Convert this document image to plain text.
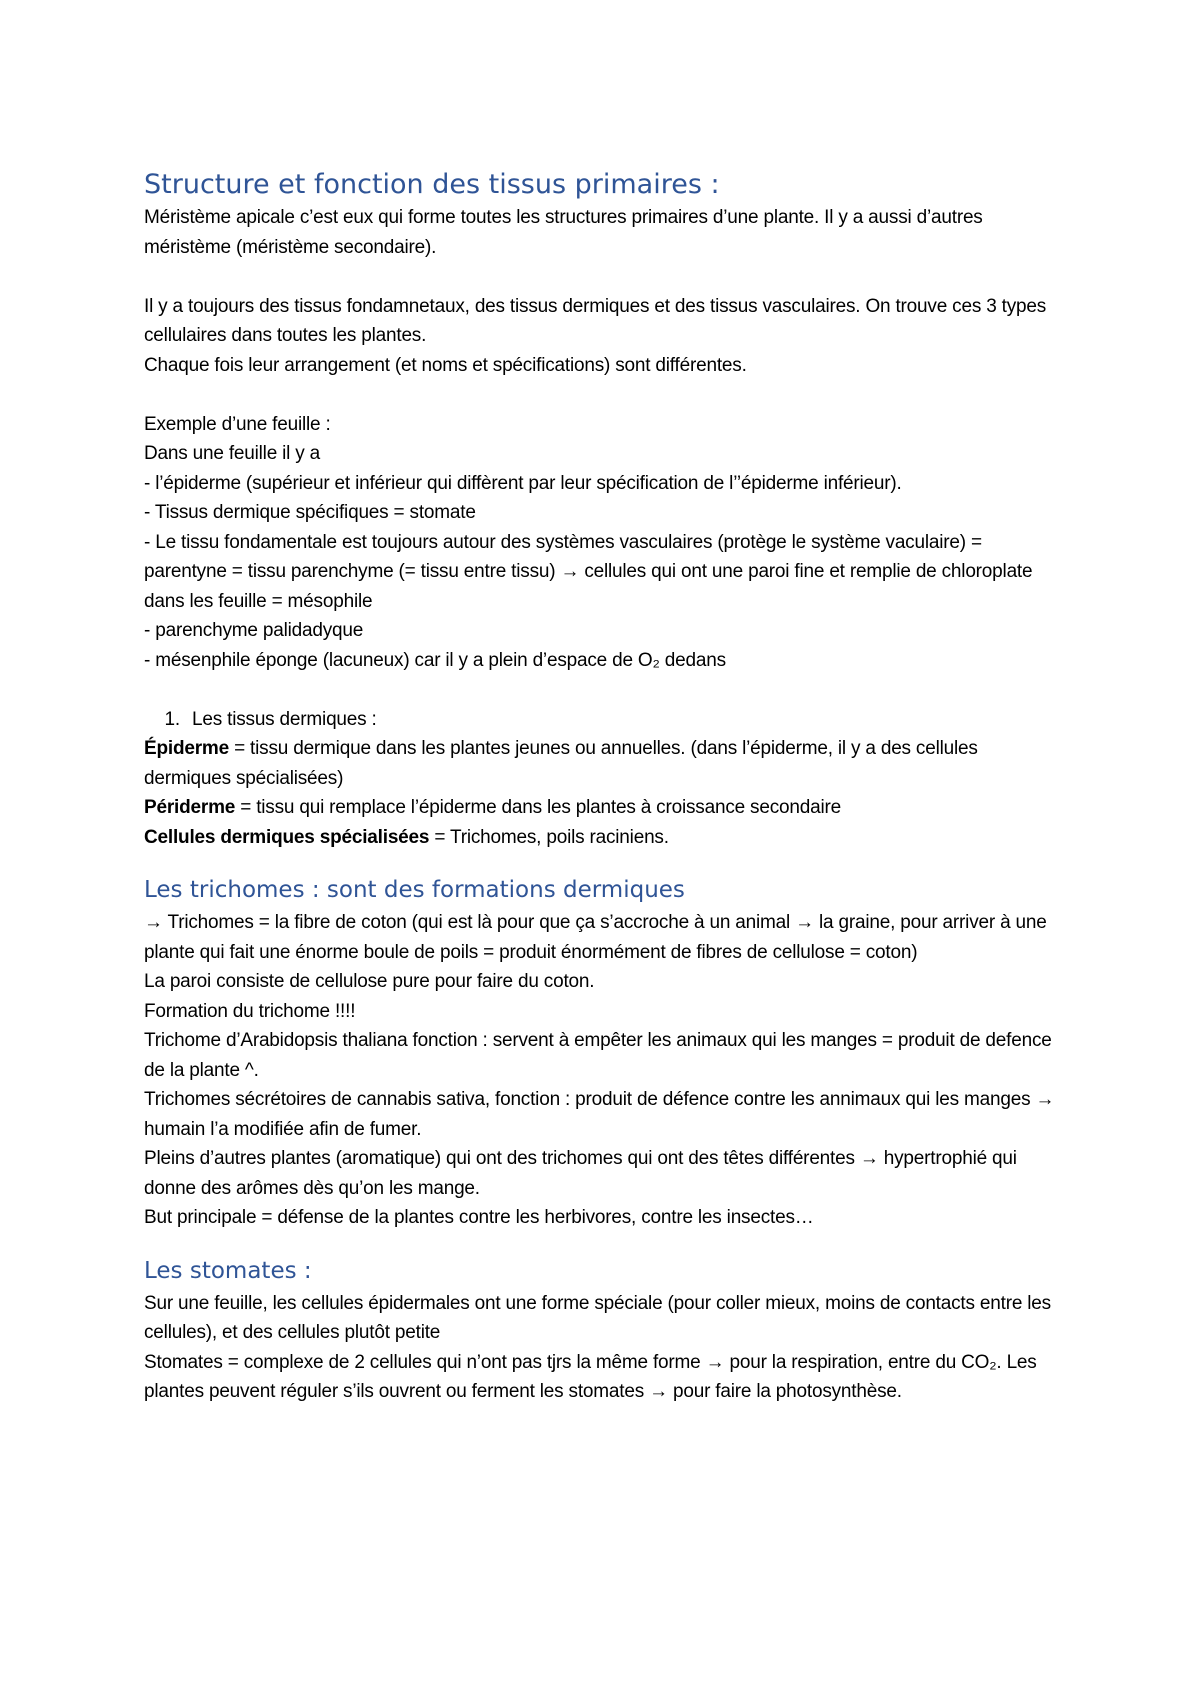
Structure et fonction des tissus primaires :

Méristème apicale c’est eux qui forme toutes les structures primaires d’une plante. Il y a aussi d’autres méristème (méristème secondaire).

Il y a toujours des tissus fondamnetaux, des tissus dermiques et des tissus vasculaires. On trouve ces 3 types cellulaires dans toutes les plantes.

Chaque fois leur arrangement (et noms et spécifications) sont différentes.

Exemple d’une feuille :

Dans une feuille il y a

- l’épiderme (supérieur et inférieur qui diffèrent par leur spécification de l’’épiderme inférieur).

- Tissus dermique spécifiques = stomate

- Le tissu fondamentale est toujours autour des systèmes vasculaires (protège le système vaculaire) = parentyne = tissu parenchyme (= tissu entre tissu) → cellules qui ont une paroi fine et remplie de chloroplate dans les feuille = mésophile

- parenchyme palidadyque

- mésenphile éponge (lacuneux) car il y a plein d’espace de O₂ dedans

1. Les tissus dermiques :

Épiderme = tissu dermique dans les plantes jeunes ou annuelles. (dans l’épiderme, il y a des cellules dermiques spécialisées)

Périderme = tissu qui remplace l’épiderme dans les plantes à croissance secondaire

Cellules dermiques spécialisées = Trichomes, poils raciniens.

Les trichomes : sont des formations dermiques

→ Trichomes = la fibre de coton (qui est là pour que ça s’accroche à un animal → la graine, pour arriver à une plante qui fait une énorme boule de poils = produit énormément de fibres de cellulose = coton)

La paroi consiste de cellulose pure pour faire du coton.

Formation du trichome !!!!

Trichome d’Arabidopsis thaliana fonction : servent à empêter les animaux qui les manges = produit de defence de la plante ^.

Trichomes sécrétoires de cannabis sativa, fonction : produit de défence contre les annimaux qui les manges → humain l’a modifiée afin de fumer.

Pleins d’autres plantes (aromatique) qui ont des trichomes qui ont des têtes différentes → hypertrophié qui donne des arômes dès qu’on les mange.

But principale = défense de la plantes contre les herbivores, contre les insectes…

Les stomates :

Sur une feuille, les cellules épidermales ont une forme spéciale (pour coller mieux, moins de contacts entre les cellules), et des cellules plutôt petite

Stomates = complexe de 2 cellules qui n’ont pas tjrs la même forme → pour la respiration, entre du CO₂. Les plantes peuvent réguler s’ils ouvrent ou ferment les stomates → pour faire la photosynthèse.
